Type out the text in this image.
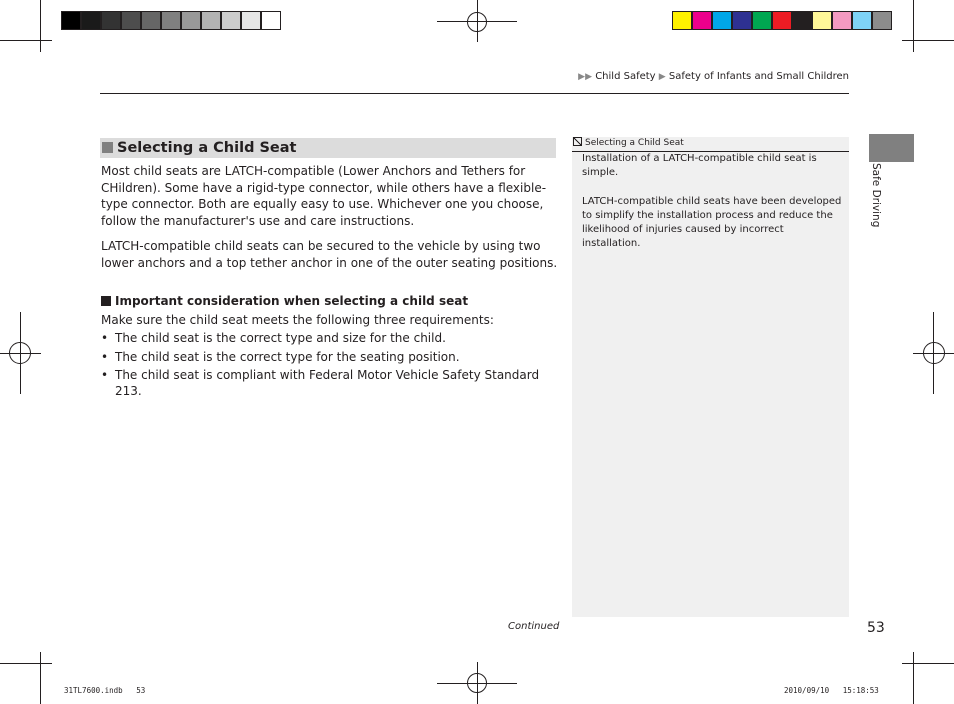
▶▶ Child Safety ▶ Safety of Infants and Small Children
Selecting a Child Seat
Most child seats are LATCH-compatible (Lower Anchors and Tethers for CHildren). Some have a rigid-type connector, while others have a flexible-type connector. Both are equally easy to use. Whichever one you choose, follow the manufacturer's use and care instructions.
LATCH-compatible child seats can be secured to the vehicle by using two lower anchors and a top tether anchor in one of the outer seating positions.
Important consideration when selecting a child seat
Make sure the child seat meets the following three requirements:
• The child seat is the correct type and size for the child.
• The child seat is the correct type for the seating position.
• The child seat is compliant with Federal Motor Vehicle Safety Standard 213.
Selecting a Child Seat
Installation of a LATCH-compatible child seat is simple.
LATCH-compatible child seats have been developed to simplify the installation process and reduce the likelihood of injuries caused by incorrect installation.
Safe Driving
Continued	53
31TL7600.indb   53	2010/09/10   15:18:53
